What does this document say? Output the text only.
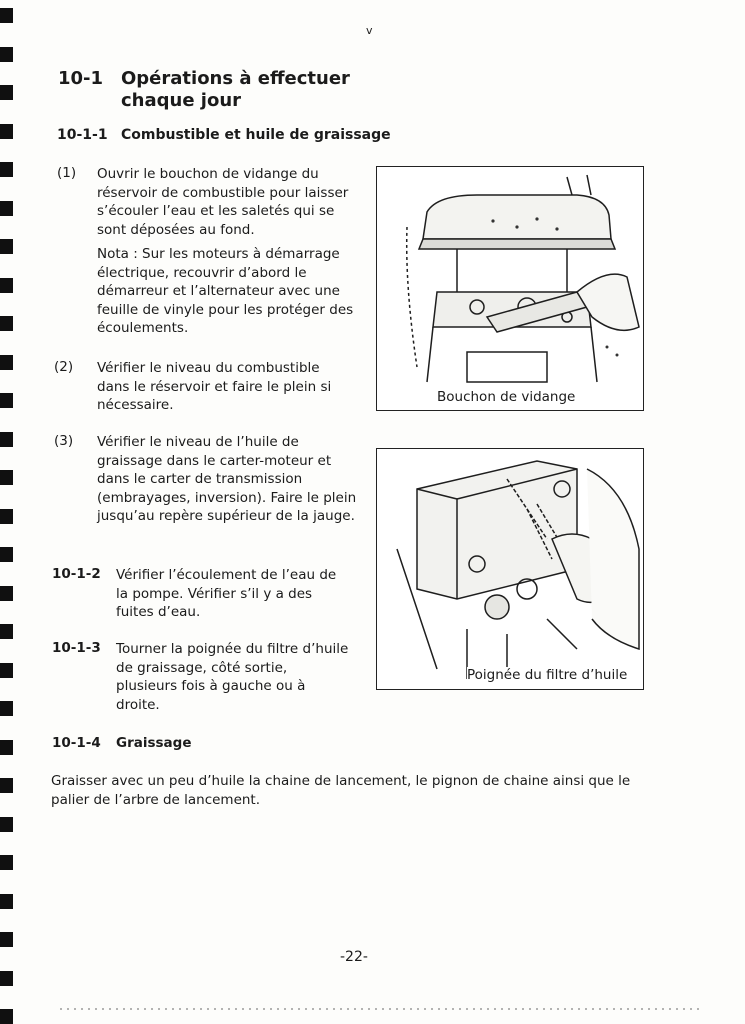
v
10-1 Opérations à effectuer chaque jour
10-1-1 Combustible et huile de graissage
(1) Ouvrir le bouchon de vidange du réservoir de combustible pour laisser s’écouler l’eau et les saletés qui se sont déposées au fond.
Nota : Sur les moteurs à démarrage électrique, recouvrir d’abord le démarreur et l’alternateur avec une feuille de vinyle pour les protéger des écoulements.
(2) Vérifier le niveau du combustible dans le réservoir et faire le plein si nécessaire.
(3) Vérifier le niveau de l’huile de graissage dans le carter-moteur et dans le carter de transmission (embrayages, inversion). Faire le plein jusqu’au repère supérieur de la jauge.
10-1-2 Vérifier l’écoulement de l’eau de la pompe. Vérifier s’il y a des fuites d’eau.
10-1-3 Tourner la poignée du filtre d’huile de graissage, côté sortie, plusieurs fois à gauche ou à droite.
10-1-4 Graissage
Graisser avec un peu d’huile la chaine de lancement, le pignon de chaine ainsi que le palier de l’arbre de lancement.
Bouchon de vidange
Poignée du filtre d’huile
-22-
